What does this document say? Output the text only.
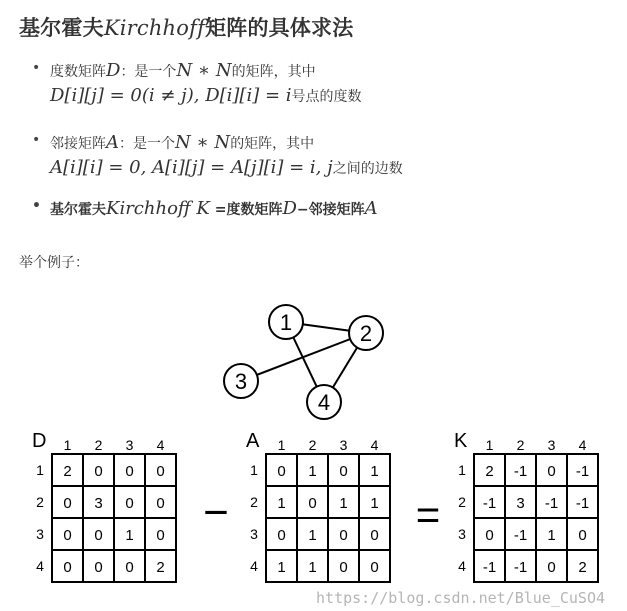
基尔霍夫Kirchhoff矩阵的具体求法
• 度数矩阵D：是一个N ∗ N的矩阵，其中
D[i][j] = 0(i ≠ j), D[i][i] = i号点的度数
• 邻接矩阵A：是一个N ∗ N的矩阵，其中
A[i][i] = 0, A[i][j] = A[j][i] = i, j之间的边数
• 基尔霍夫Kirchhoff K =度数矩阵D−邻接矩阵A
举个例子：
1	2
3
4
D 1 2 3 4
1
2
3
4
2 0 0 0
0 3 0 0
0 0 1 0
0 0 0 2
A 1 2 3 4
1
2
3
4
0 1 0 1
1 0 1 1
0 1 0 0
1 1 0 0
K 1 2 3 4
1
2
3
4
2 -1 0 -1
-1 3 -1 -1
0 -1 1 0
-1 -1 0 2
−	=
https://blog.csdn.net/Blue_CuSO4
